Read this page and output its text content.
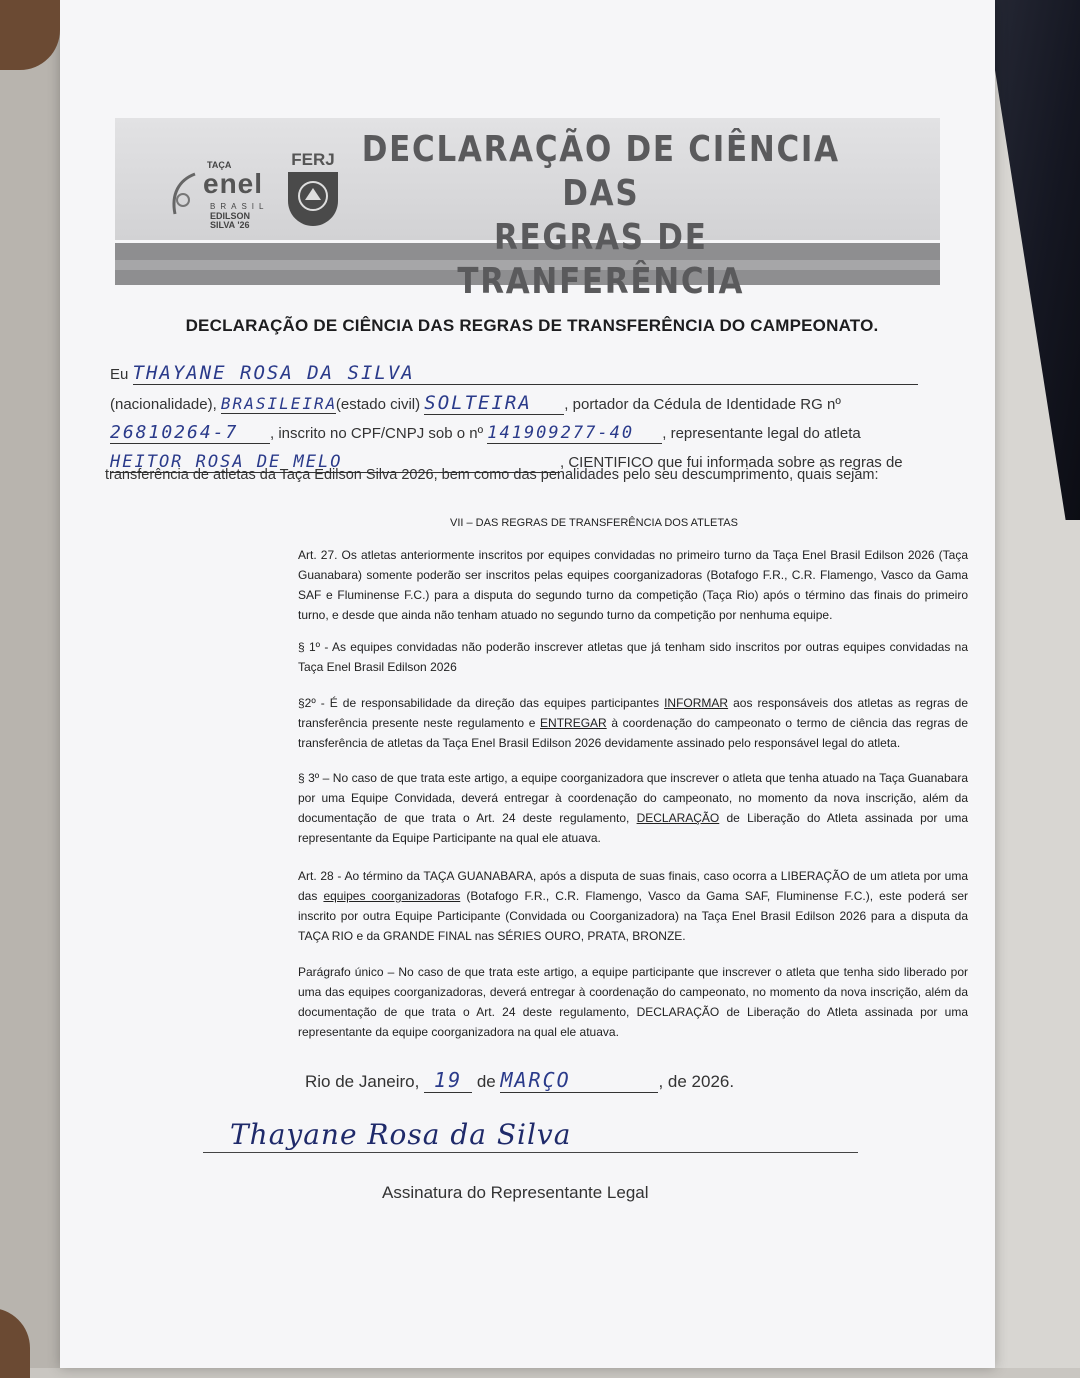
TAÇA
enel
BRASIL
EDILSON SILVA '26
FERJ DECLARAÇÃO DE CIÊNCIA DAS
REGRAS DE TRANFERÊNCIA
DECLARAÇÃO DE CIÊNCIA DAS REGRAS DE TRANSFERÊNCIA DO CAMPEONATO.
Eu THAYANE ROSA DA SILVA
(nacionalidade), BRASILEIRA(estado civil) SOLTEIRA , portador da Cédula de Identidade RG nº
26810264-7 , inscrito no CPF/CNPJ sob o nº 141909277-40 , representante legal do atleta
HEITOR ROSA DE MELO	, CIENTIFICO que fui informada sobre as regras de
transferência de atletas da Taça Edilson Silva 2026, bem como das penalidades pelo seu descumprimento, quais sejam:
VII – DAS REGRAS DE TRANSFERÊNCIA DOS ATLETAS
Art. 27. Os atletas anteriormente inscritos por equipes convidadas no primeiro turno da Taça Enel Brasil Edilson 2026 (Taça Guanabara) somente poderão ser inscritos pelas equipes coorganizadoras (Botafogo F.R., C.R. Flamengo, Vasco da Gama SAF e Fluminense F.C.) para a disputa do segundo turno da competição (Taça Rio) após o término das finais do primeiro turno, e desde que ainda não tenham atuado no segundo turno da competição por nenhuma equipe.
§ 1º - As equipes convidadas não poderão inscrever atletas que já tenham sido inscritos por outras equipes convidadas na Taça Enel Brasil Edilson 2026
§2º - É de responsabilidade da direção das equipes participantes INFORMAR aos responsáveis dos atletas as regras de transferência presente neste regulamento e ENTREGAR à coordenação do campeonato o termo de ciência das regras de transferência de atletas da Taça Enel Brasil Edilson 2026 devidamente assinado pelo responsável legal do atleta.
§ 3º – No caso de que trata este artigo, a equipe coorganizadora que inscrever o atleta que tenha atuado na Taça Guanabara por uma Equipe Convidada, deverá entregar à coordenação do campeonato, no momento da nova inscrição, além da documentação de que trata o Art. 24 deste regulamento, DECLARAÇÃO de Liberação do Atleta assinada por uma representante da Equipe Participante na qual ele atuava.
Art. 28 - Ao término da TAÇA GUANABARA, após a disputa de suas finais, caso ocorra a LIBERAÇÃO de um atleta por uma das equipes coorganizadoras (Botafogo F.R., C.R. Flamengo, Vasco da Gama SAF, Fluminense F.C.), este poderá ser inscrito por outra Equipe Participante (Convidada ou Coorganizadora) na Taça Enel Brasil Edilson 2026 para a disputa da TAÇA RIO e da GRANDE FINAL nas SÉRIES OURO, PRATA, BRONZE.
Parágrafo único – No caso de que trata este artigo, a equipe participante que inscrever o atleta que tenha sido liberado por uma das equipes coorganizadoras, deverá entregar à coordenação do campeonato, no momento da nova inscrição, além da documentação de que trata o Art. 24 deste regulamento, DECLARAÇÃO de Liberação do Atleta assinada por uma representante da equipe coorganizadora na qual ele atuava.
Rio de Janeiro, 19 de MARÇO	, de 2026.
Thayane Rosa da Silva
Assinatura do Representante Legal
